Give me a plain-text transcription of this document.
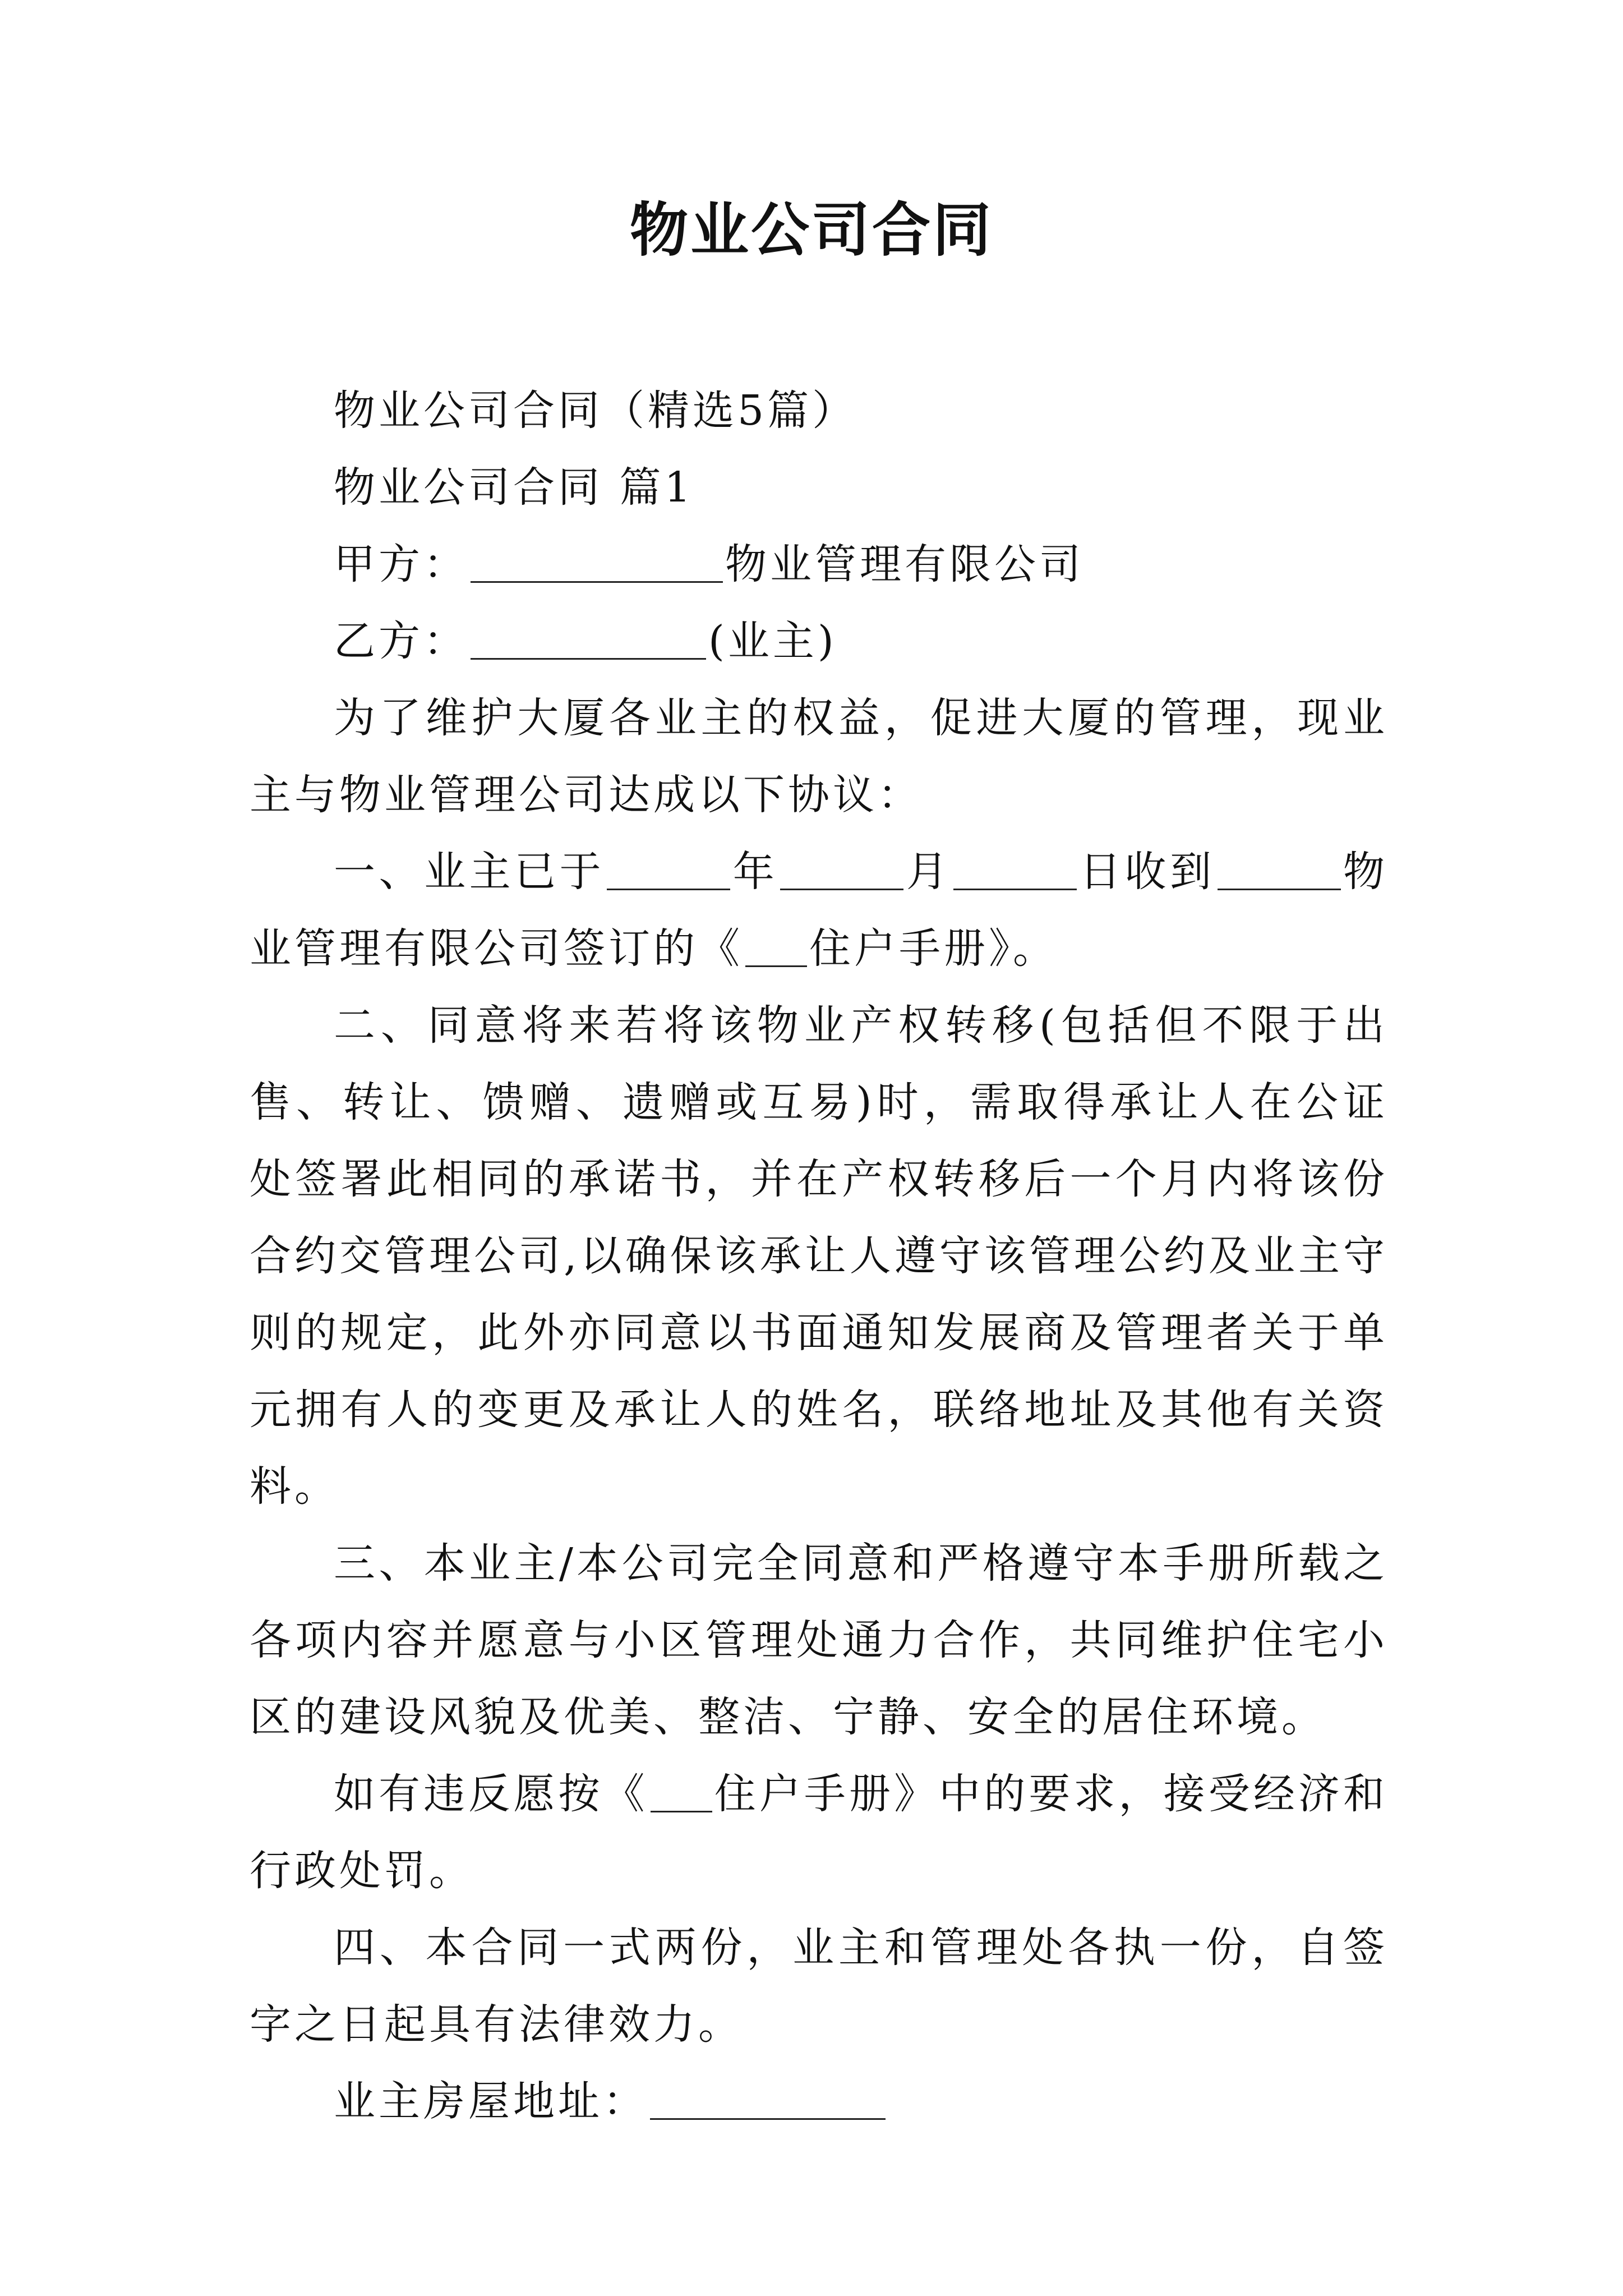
物业公司合同

物业公司合同（精选5篇）

物业公司合同 篇1

甲方：	物业管理有限公司

乙方：	(业主)

为了维护大厦各业主的权益，促进大厦的管理，现业主与物业管理公司达成以下协议：

一、业主已于	年	月	日收到	物业管理有限公司签订的《 住户手册》。

二、同意将来若将该物业产权转移(包括但不限于出售、转让、馈赠、遗赠或互易)时，需取得承让人在公证处签署此相同的承诺书，并在产权转移后一个月内将该份合约交管理公司,以确保该承让人遵守该管理公约及业主守则的规定，此外亦同意以书面通知发展商及管理者关于单元拥有人的变更及承让人的姓名，联络地址及其他有关资料。

三、本业主/本公司完全同意和严格遵守本手册所载之各项内容并愿意与小区管理处通力合作，共同维护住宅小区的建设风貌及优美、整洁、宁静、安全的居住环境。

如有违反愿按《 住户手册》中的要求，接受经济和行政处罚。

四、本合同一式两份，业主和管理处各执一份，自签字之日起具有法律效力。

业主房屋地址：
